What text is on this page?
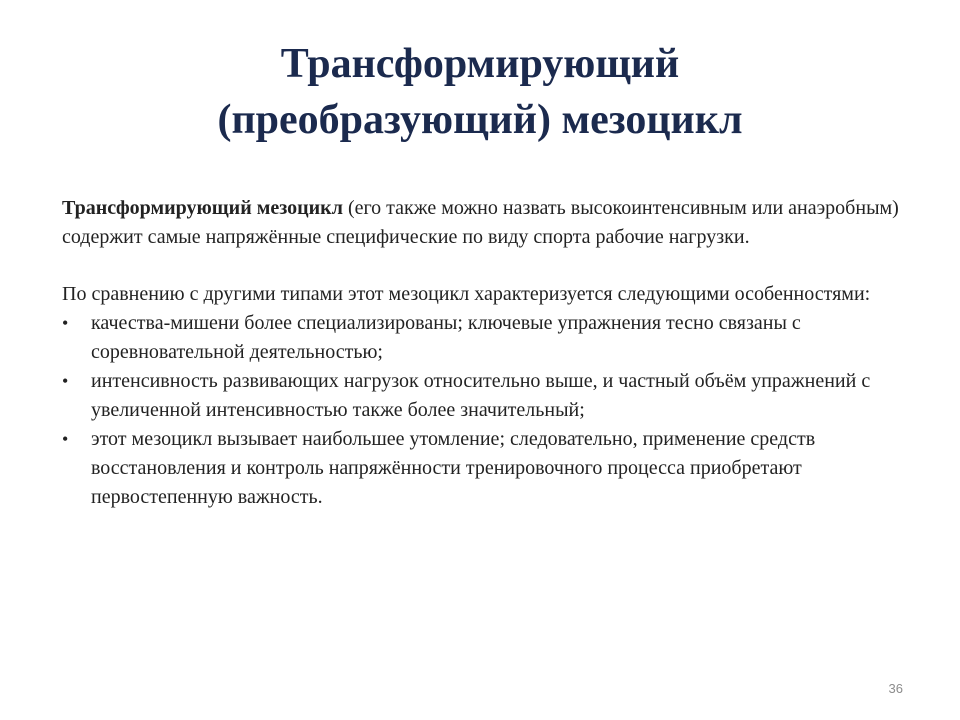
Трансформирующий
(преобразующий) мезоцикл

Трансформирующий мезоцикл (его также можно назвать высокоинтенсивным или анаэробным) содержит самые напряжённые специфические по виду спорта рабочие нагрузки.

По сравнению с другими типами этот мезоцикл характеризуется следующими особенностями:

• качества-мишени более специализированы; ключевые упражнения тесно связаны с соревновательной деятельностью;
• интенсивность развивающих нагрузок относительно выше, и частный объём упражнений с увеличенной интенсивностью также более значительный;
• этот мезоцикл вызывает наибольшее утомление; следовательно, применение средств восстановления и контроль напряжённости тренировочного процесса приобретают первостепенную важность.
36
